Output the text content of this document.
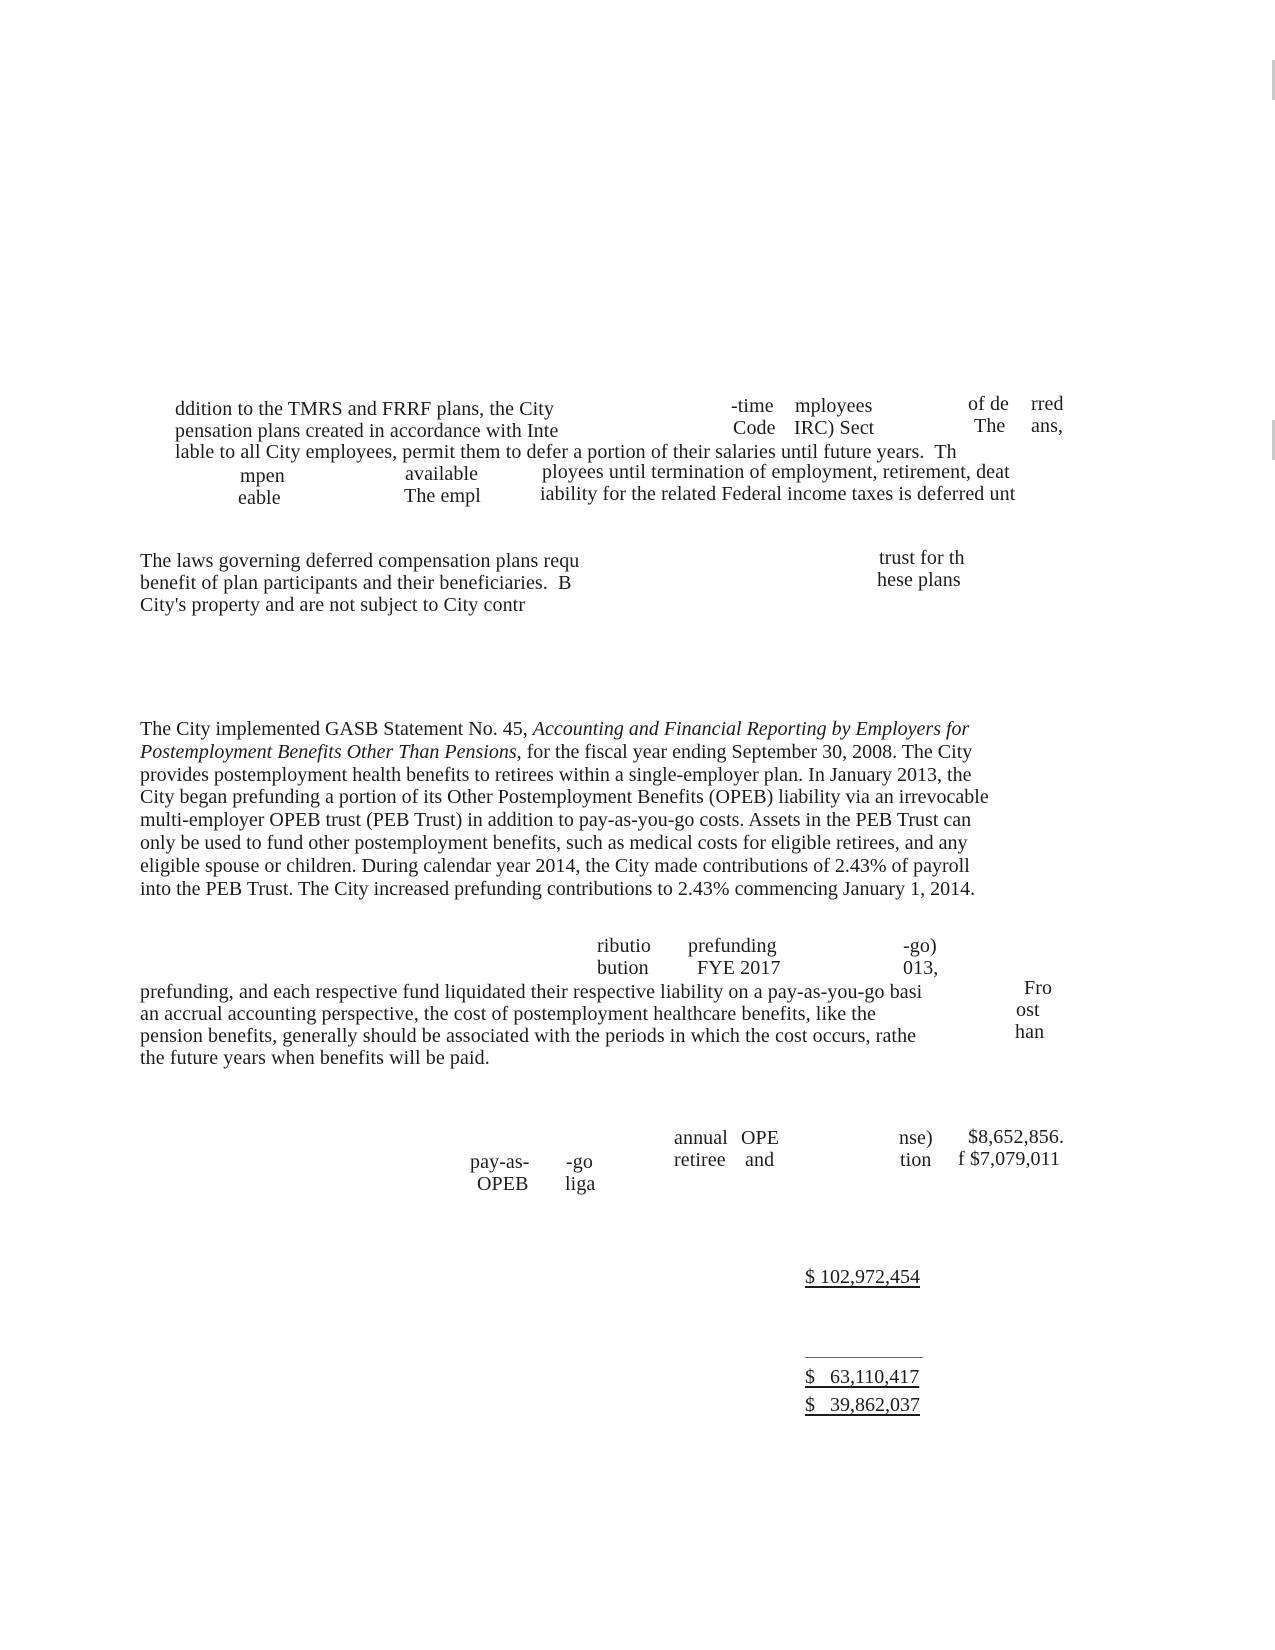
ddition to the TMRS and FRRF plans, the City	-time mployees	of de rred
pensation plans created in accordance with Inte	Code IRC) Sect	The ans,
lable to all City employees, permit them to defer a portion of their salaries until future years.  Th
mpen	available	ployees until termination of employment, retirement, deat
eable	The empl	iability for the related Federal income taxes is deferred unt
The laws governing deferred compensation plans requ
benefit of plan participants and their beneficiaries.  B
City's property and are not subject to City contr
trust for th
hese plans
The City implemented GASB Statement No. 45, Accounting and Financial Reporting by Employers for
Postemployment Benefits Other Than Pensions, for the fiscal year ending September 30, 2008. The City
provides postemployment health benefits to retirees within a single-employer plan. In January 2013, the
City began prefunding a portion of its Other Postemployment Benefits (OPEB) liability via an irrevocable
multi-employer OPEB trust (PEB Trust) in addition to pay-as-you-go costs. Assets in the PEB Trust can
only be used to fund other postemployment benefits, such as medical costs for eligible retirees, and any
eligible spouse or children. During calendar year 2014, the City made contributions of 2.43% of payroll
into the PEB Trust. The City increased prefunding contributions to 2.43% commencing January 1, 2014.
ributio prefunding	-go)
bution FYE 2017	013,
prefunding, and each respective fund liquidated their respective liability on a pay-as-you-go basi
an accrual accounting perspective, the cost of postemployment healthcare benefits, like the
pension benefits, generally should be associated with the periods in which the cost occurs, rathe
the future years when benefits will be paid.
Fro
ost
han
annual OPE	nse) $8,652,856.
pay-as- -go	retiree and	tion f $7,079,011
OPEB liga
$ 102,972,454
$   63,110,417
$   39,862,037
